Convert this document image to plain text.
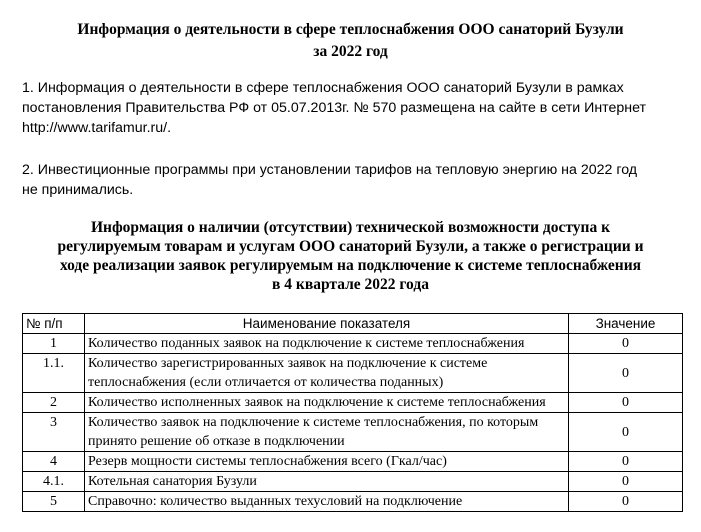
Информация о деятельности в сфере теплоснабжения ООО санаторий Бузули
за 2022 год
1. Информация о деятельности в сфере теплоснабжения ООО санаторий Бузули в рамках
постановления Правительства РФ от 05.07.2013г. № 570 размещена на сайте в сети Интернет
http://www.tarifamur.ru/.
2. Инвестиционные программы при установлении тарифов на тепловую энергию на 2022 год
не принимались.
Информация о наличии (отсутствии) технической возможности доступа к
регулируемым товарам и услугам ООО санаторий Бузули, а также о регистрации и
ходе реализации заявок регулируемым на подключение к системе теплоснабжения
в 4 квартале 2022 года
№ п/п	Наименование показателя	Значение
1	Количество поданных заявок на подключение к системе теплоснабжения	0
1.1.	Количество зарегистрированных заявок на подключение к системе
теплоснабжения (если отличается от количества поданных)	0
2	Количество исполненных заявок на подключение к системе теплоснабжения	0
3	Количество заявок на подключение к системе теплоснабжения, по которым
принято решение об отказе в подключении	0
4	Резерв мощности системы теплоснабжения всего (Гкал/час)	0
4.1.	Котельная санатория Бузули	0
5	Справочно: количество выданных техусловий на подключение	0
